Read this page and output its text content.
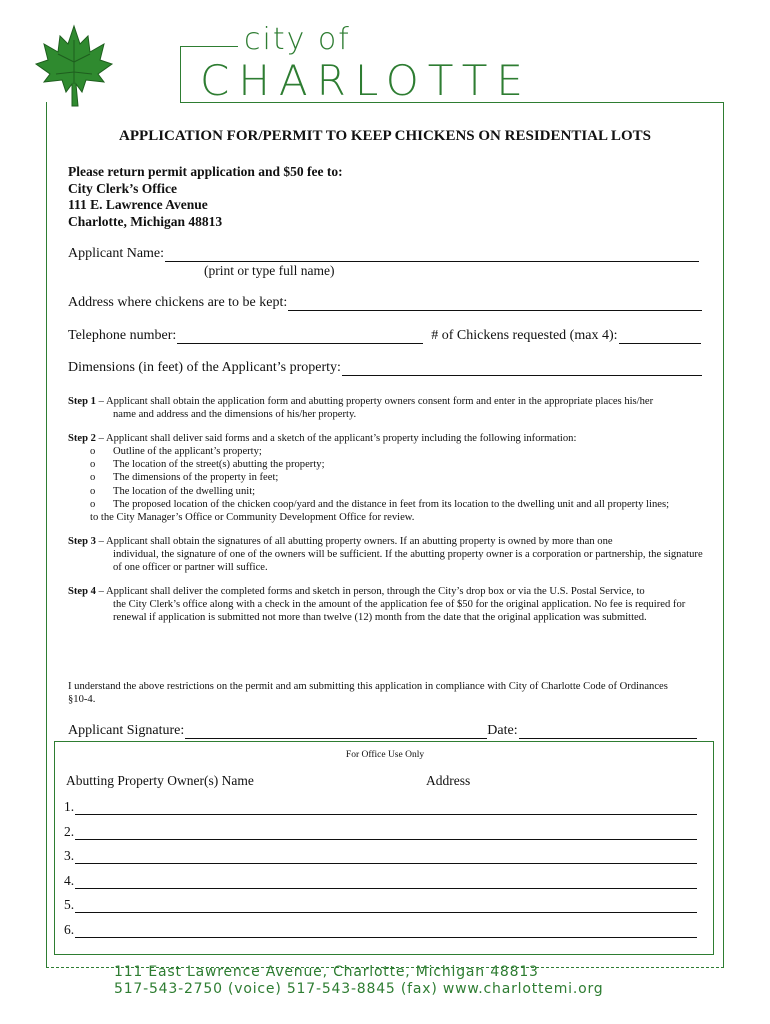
city of
CHARLOTTE
APPLICATION FOR/PERMIT TO KEEP CHICKENS ON RESIDENTIAL LOTS
Please return permit application and $50 fee to:
City Clerk’s Office
111 E. Lawrence Avenue
Charlotte, Michigan 48813
Applicant Name:
(print or type full name)
Address where chickens are to be kept:
Telephone number:	# of Chickens requested (max 4):
Dimensions (in feet) of the Applicant’s property:
Step 1 – Applicant shall obtain the application form and abutting property owners consent form and enter in the appropriate places his/her
name and address and the dimensions of his/her property.
Step 2 – Applicant shall deliver said forms and a sketch of the applicant’s property including the following information:
o Outline of the applicant’s property;
o The location of the street(s) abutting the property;
o The dimensions of the property in feet;
o The location of the dwelling unit;
o The proposed location of the chicken coop/yard and the distance in feet from its location to the dwelling unit and all property lines;
to the City Manager’s Office or Community Development Office for review.
Step 3 – Applicant shall obtain the signatures of all abutting property owners. If an abutting property is owned by more than one
individual, the signature of one of the owners will be sufficient. If the abutting property owner is a corporation or partnership, the signature of one officer or partner will suffice.
Step 4 – Applicant shall deliver the completed forms and sketch in person, through the City’s drop box or via the U.S. Postal Service, to
the City Clerk’s office along with a check in the amount of the application fee of $50 for the original application. No fee is required for renewal if application is submitted not more than twelve (12) month from the date that the original application was submitted.
I understand the above restrictions on the permit and am submitting this application in compliance with City of Charlotte Code of Ordinances §10-4.
Applicant Signature:	Date:
For Office Use Only
Abutting Property Owner(s) Name	Address
1.
2.
3.
4.
5.
6.
111 East Lawrence Avenue, Charlotte, Michigan 48813
517-543-2750 (voice) 517-543-8845 (fax) www.charlottemi.org
